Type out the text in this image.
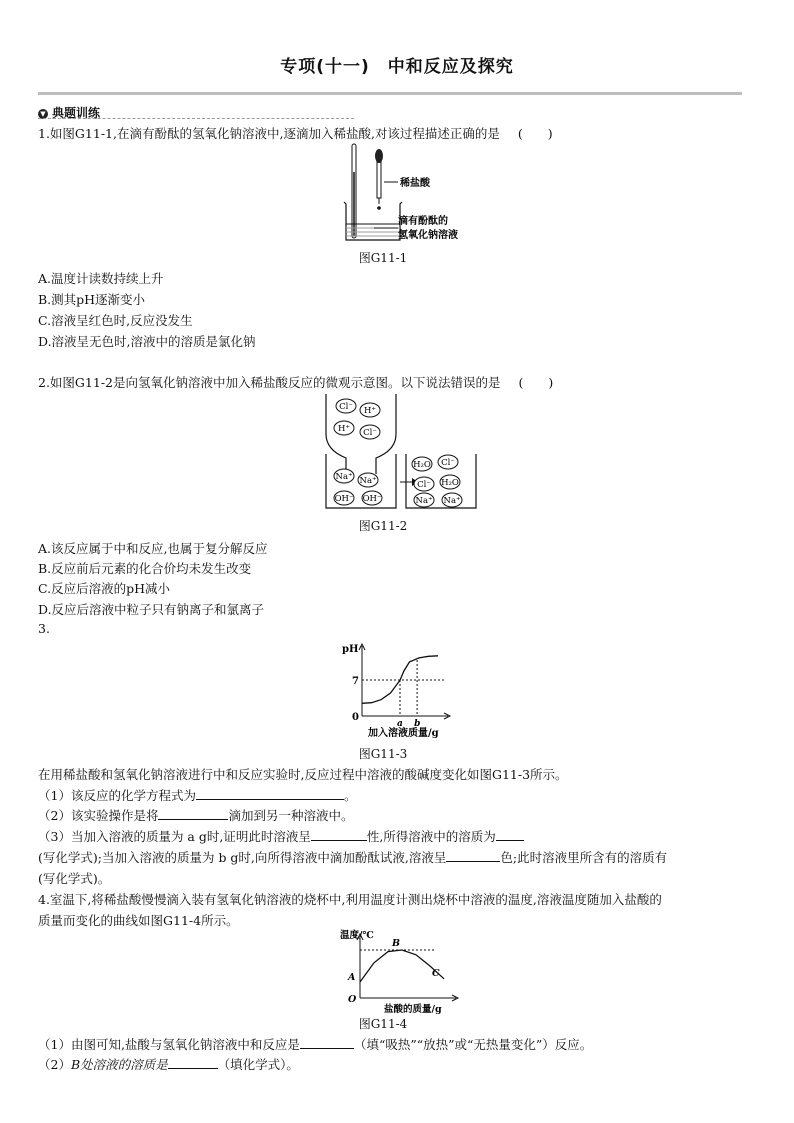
专项(十一)　中和反应及探究
▼ 典题训练
1.如图G11-1,在滴有酚酞的氢氧化钠溶液中,逐滴加入稀盐酸,对该过程描述正确的是 (　　)
稀盐酸
滴有酚酞的
氢氧化钠溶液
图G11-1
A.温度计读数持续上升
B.测其pH逐渐变小
C.溶液呈红色时,反应没发生
D.溶液呈无色时,溶液中的溶质是氯化钠
2.如图G11-2是向氢氧化钠溶液中加入稀盐酸反应的微观示意图。以下说法错误的是 (　　)
Cl⁻ H⁺
H⁺ Cl⁻
Na⁺ Na⁺
OH⁻ OH⁻
H₂O Cl⁻
Cl⁻ H₂O
Na⁺ Na⁺
图G11-2
A.该反应属于中和反应,也属于复分解反应
B.反应前后元素的化合价均未发生改变
C.反应后溶液的pH减小
D.反应后溶液中粒子只有钠离子和氯离子
3.
pH
7
0
a b
加入溶液质量/g
图G11-3
在用稀盐酸和氢氧化钠溶液进行中和反应实验时,反应过程中溶液的酸碱度变化如图G11-3所示。
（1）该反应的化学方程式为	。
（2）该实验操作是将	滴加到另一种溶液中。
（3）当加入溶液的质量为 a g时,证明此时溶液呈	性,所得溶液中的溶质为
(写化学式);当加入溶液的质量为 b g时,向所得溶液中滴加酚酞试液,溶液呈	色;此时溶液里所含有的溶质有
(写化学式)。
4.室温下,将稀盐酸慢慢滴入装有氢氧化钠溶液的烧杯中,利用温度计测出烧杯中溶液的温度,溶液温度随加入盐酸的
质量而变化的曲线如图G11-4所示。
温度/℃
O
A
B
C
盐酸的质量/g
图G11-4
（1）由图可知,盐酸与氢氧化钠溶液中和反应是	（填“吸热”“放热”或“无热量变化”）反应。
（2）B处溶液的溶质是	（填化学式）。
